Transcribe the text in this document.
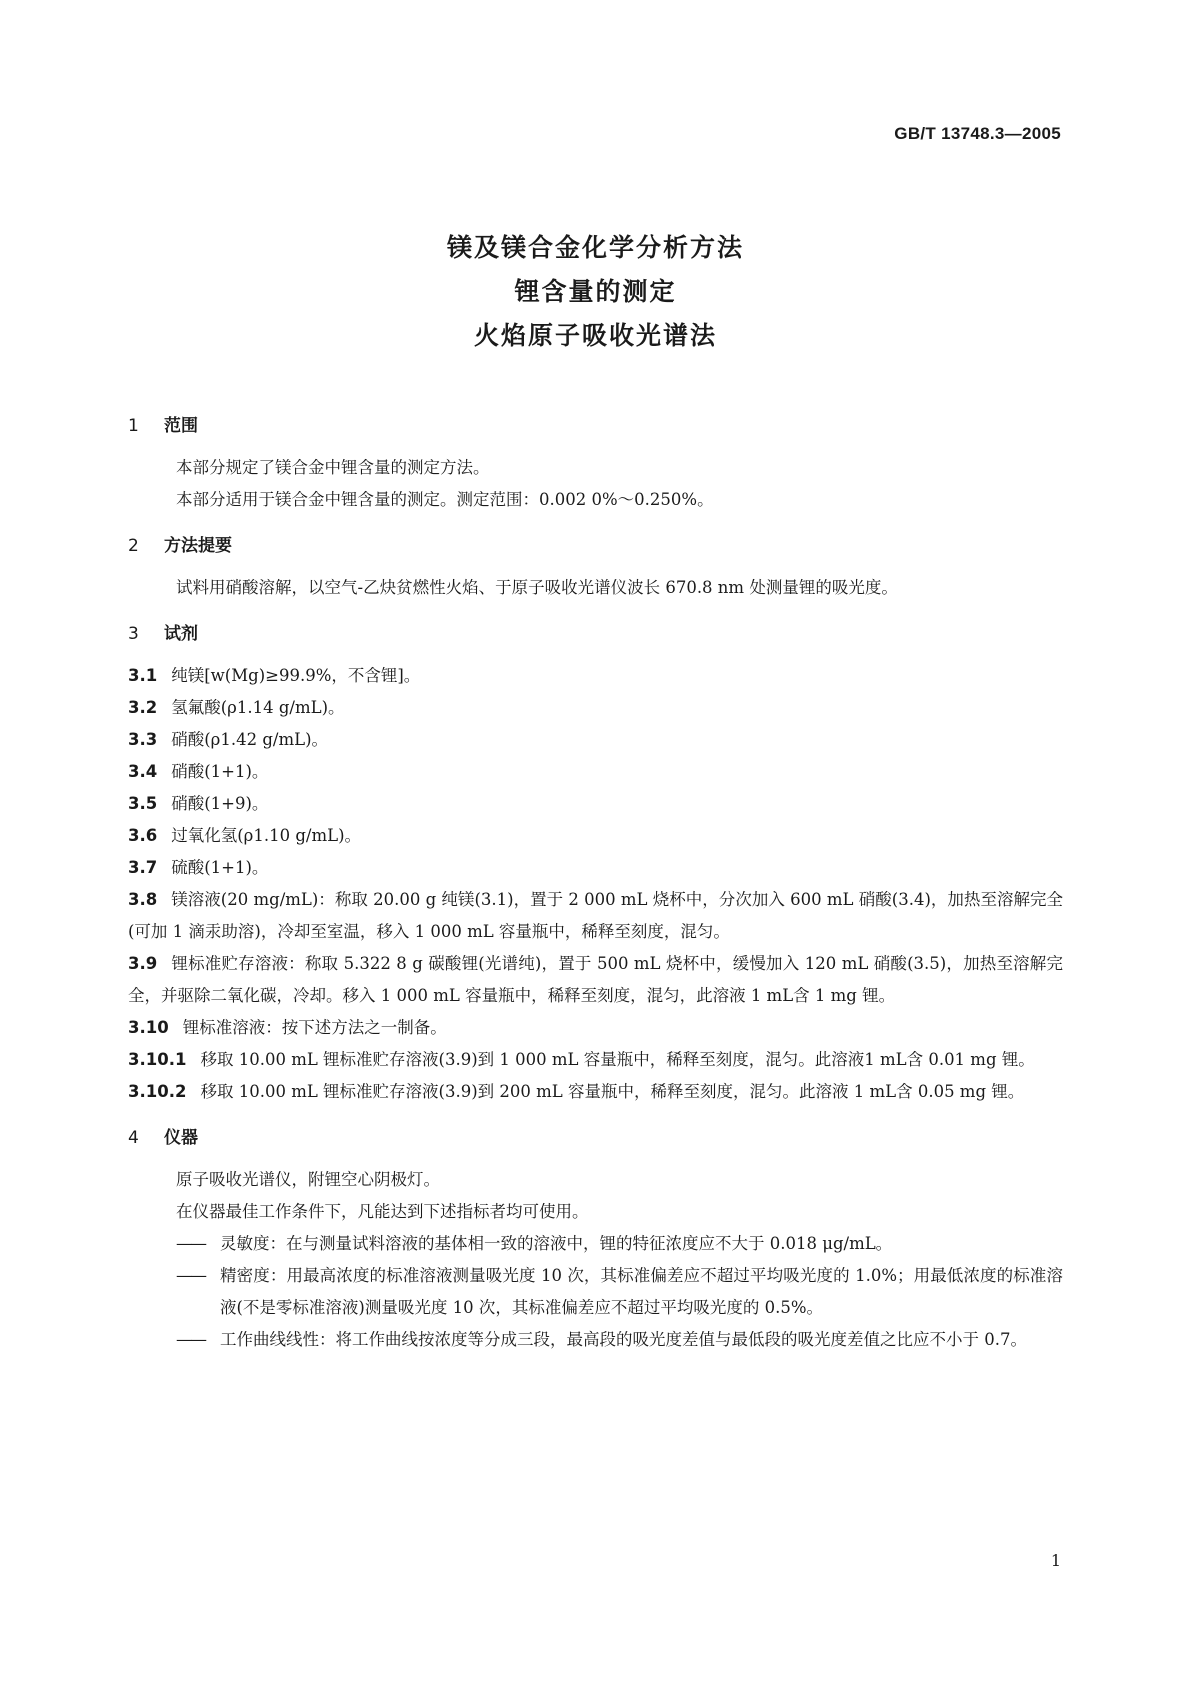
GB/T 13748.3—2005
镁及镁合金化学分析方法
锂含量的测定
火焰原子吸收光谱法
1 范围
本部分规定了镁合金中锂含量的测定方法。
本部分适用于镁合金中锂含量的测定。测定范围：0.002 0%～0.250%。
2 方法提要
试料用硝酸溶解，以空气-乙炔贫燃性火焰、于原子吸收光谱仪波长 670.8 nm 处测量锂的吸光度。
3 试剂
3.1 纯镁[w(Mg)≥99.9%，不含锂]。
3.2 氢氟酸(ρ1.14 g/mL)。
3.3 硝酸(ρ1.42 g/mL)。
3.4 硝酸(1+1)。
3.5 硝酸(1+9)。
3.6 过氧化氢(ρ1.10 g/mL)。
3.7 硫酸(1+1)。
3.8 镁溶液(20 mg/mL)：称取 20.00 g 纯镁(3.1)，置于 2 000 mL 烧杯中，分次加入 600 mL 硝酸(3.4)，加热至溶解完全(可加 1 滴汞助溶)，冷却至室温，移入 1 000 mL 容量瓶中，稀释至刻度，混匀。
3.9 锂标准贮存溶液：称取 5.322 8 g 碳酸锂(光谱纯)，置于 500 mL 烧杯中，缓慢加入 120 mL 硝酸(3.5)，加热至溶解完全，并驱除二氧化碳，冷却。移入 1 000 mL 容量瓶中，稀释至刻度，混匀，此溶液 1 mL含 1 mg 锂。
3.10 锂标准溶液：按下述方法之一制备。
3.10.1 移取 10.00 mL 锂标准贮存溶液(3.9)到 1 000 mL 容量瓶中，稀释至刻度，混匀。此溶液1 mL含 0.01 mg 锂。
3.10.2 移取 10.00 mL 锂标准贮存溶液(3.9)到 200 mL 容量瓶中，稀释至刻度，混匀。此溶液 1 mL含 0.05 mg 锂。
4 仪器
原子吸收光谱仪，附锂空心阴极灯。
在仪器最佳工作条件下，凡能达到下述指标者均可使用。
—— 灵敏度：在与测量试料溶液的基体相一致的溶液中，锂的特征浓度应不大于 0.018 μg/mL。
—— 精密度：用最高浓度的标准溶液测量吸光度 10 次，其标准偏差应不超过平均吸光度的 1.0%；用最低浓度的标准溶液(不是零标准溶液)测量吸光度 10 次，其标准偏差应不超过平均吸光度的 0.5%。
—— 工作曲线线性：将工作曲线按浓度等分成三段，最高段的吸光度差值与最低段的吸光度差值之比应不小于 0.7。
1
